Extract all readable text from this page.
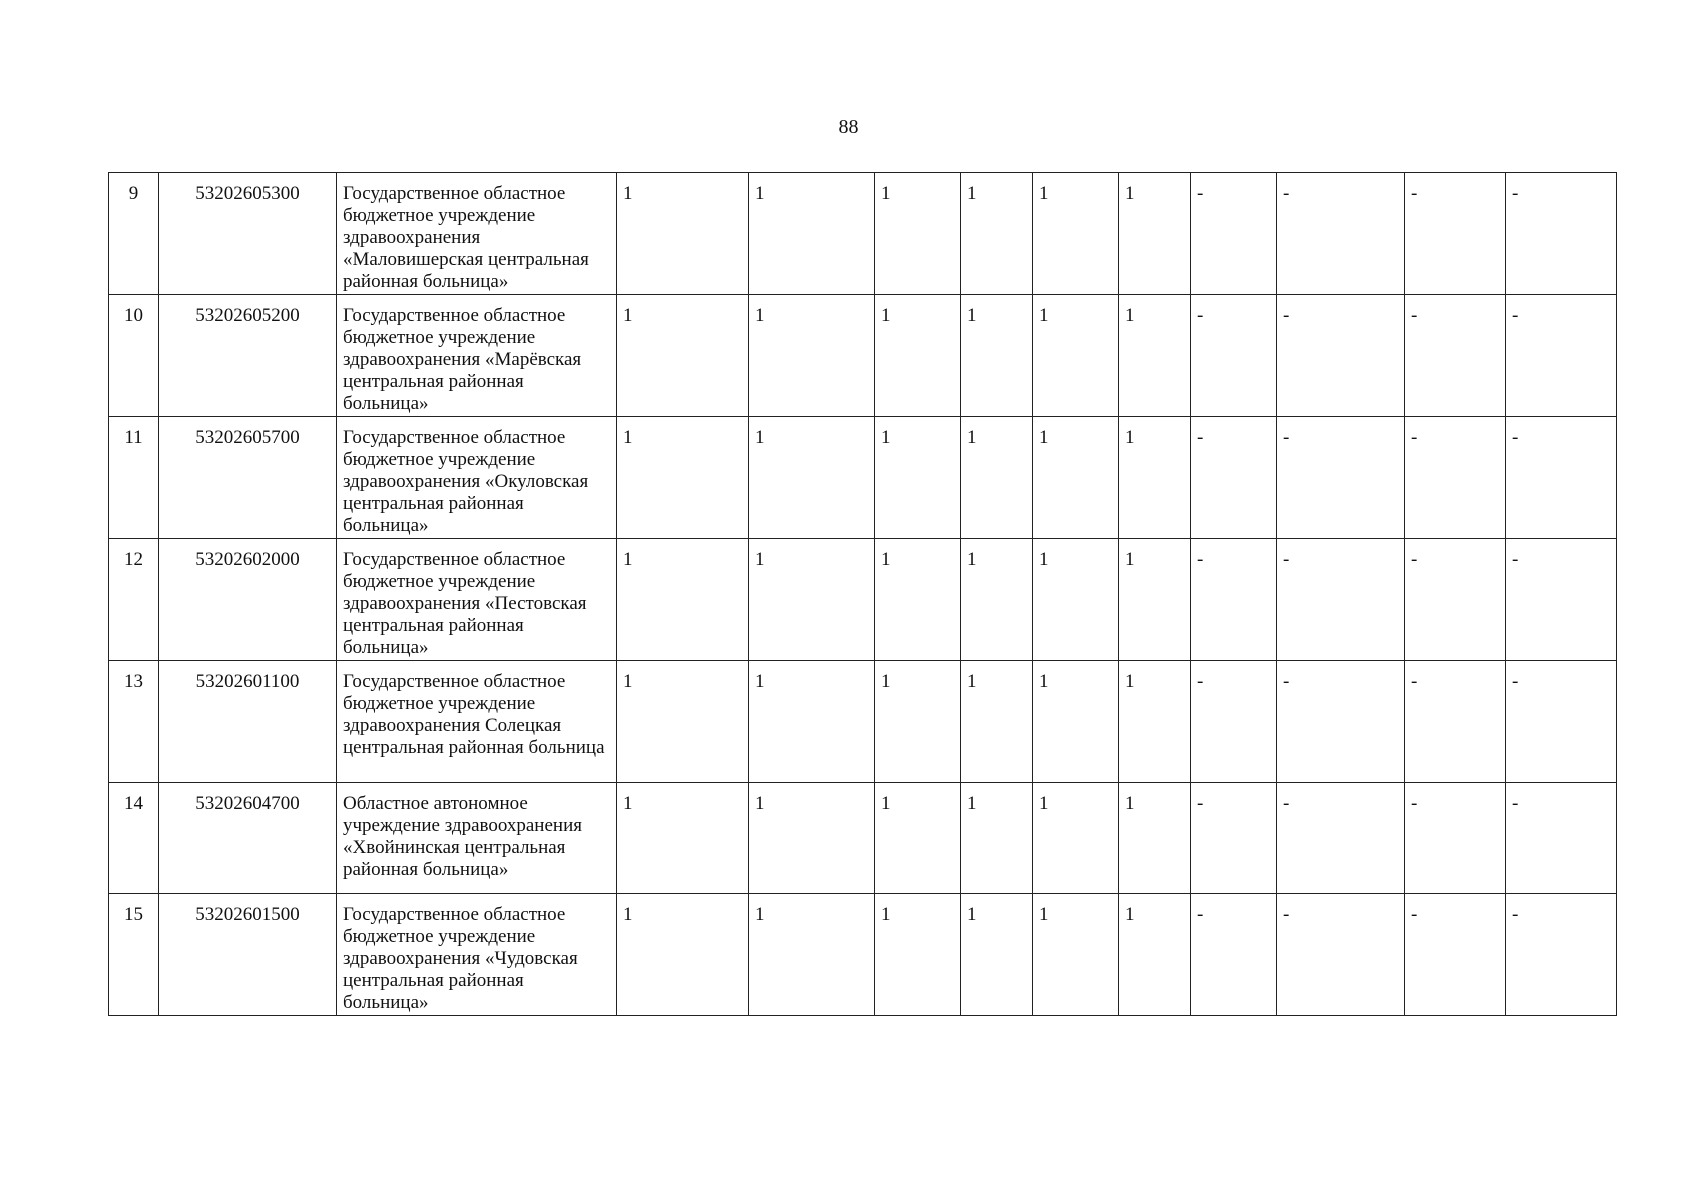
88
9	53202605300	Государственное областное бюджетное учреждение здравоохранения «Маловишерская центральная районная больница»	1	1	1	1	1	1	-	-	-	-
10	53202605200	Государственное областное бюджетное учреждение здравоохранения «Марёвская центральная районная больница»	1	1	1	1	1	1	-	-	-	-
11	53202605700	Государственное областное бюджетное учреждение здравоохранения «Окуловская центральная районная больница»	1	1	1	1	1	1	-	-	-	-
12	53202602000	Государственное областное бюджетное учреждение здравоохранения «Пестовская центральная районная больница»	1	1	1	1	1	1	-	-	-	-
13	53202601100	Государственное областное бюджетное учреждение здравоохранения Солецкая центральная районная больница	1	1	1	1	1	1	-	-	-	-
14	53202604700	Областное автономное учреждение здравоохранения «Хвойнинская центральная районная больница»	1	1	1	1	1	1	-	-	-	-
15	53202601500	Государственное областное бюджетное учреждение здравоохранения «Чудовская центральная районная больница»	1	1	1	1	1	1	-	-	-	-
